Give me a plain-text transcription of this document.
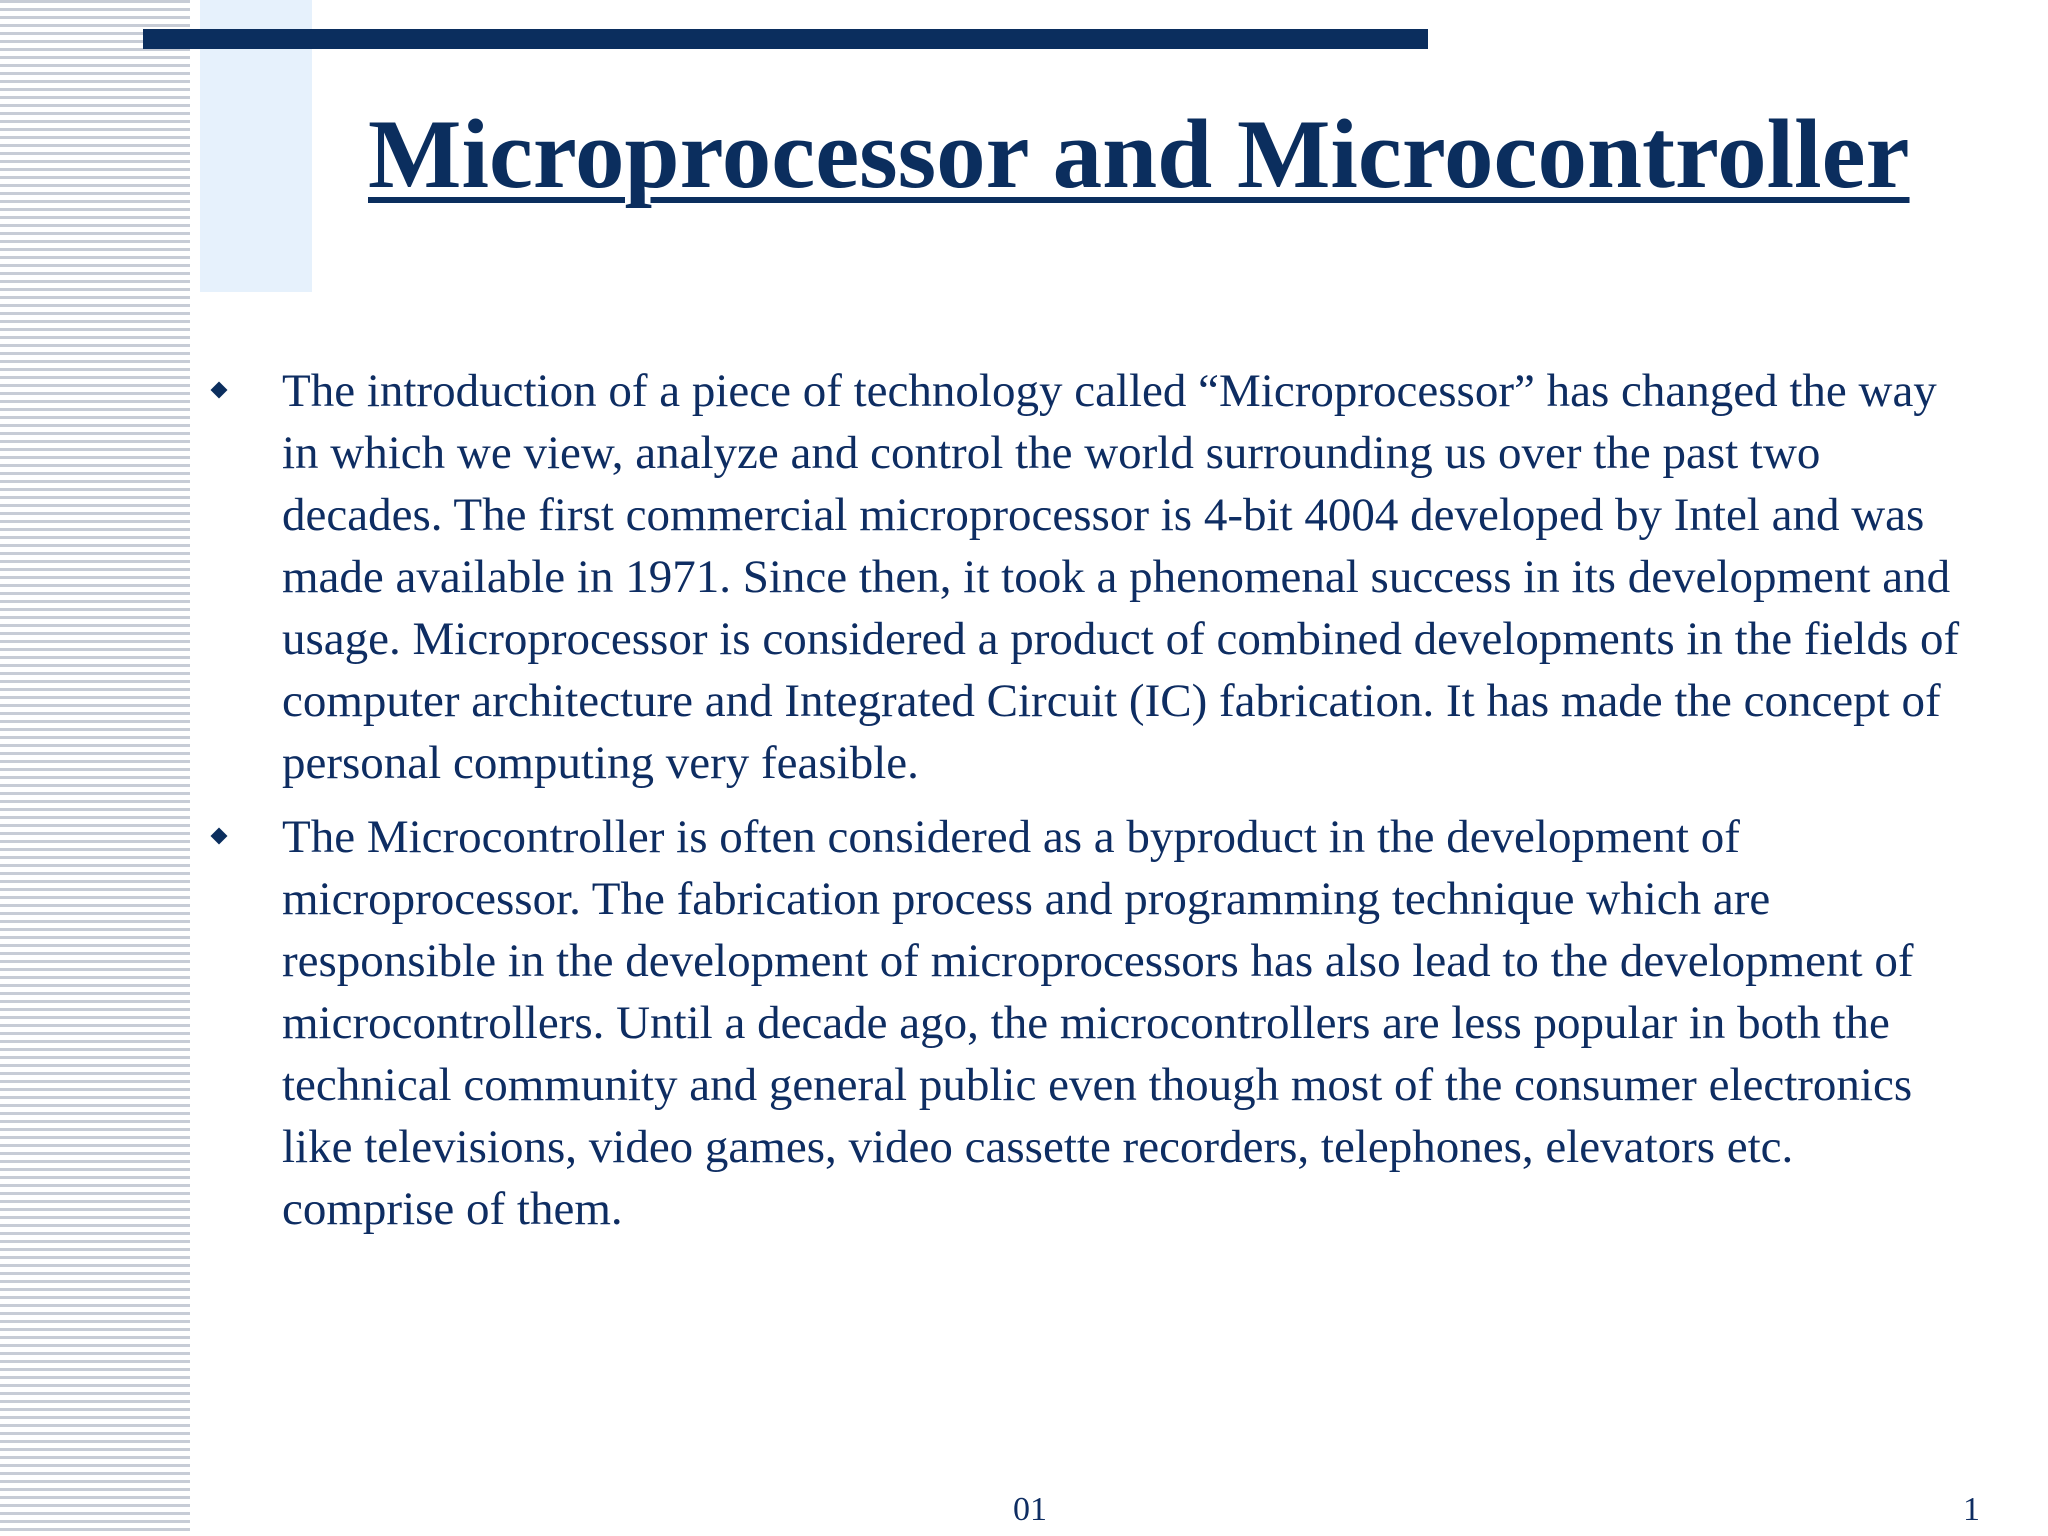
Microprocessor and Microcontroller
The introduction of a piece of technology called “Microprocessor” has changed the way in which we view, analyze and control the world surrounding us over the past two decades. The first commercial microprocessor is 4-bit 4004 developed by Intel and was made available in 1971. Since then, it took a phenomenal success in its development and usage. Microprocessor is considered a product of combined developments in the fields of computer architecture and Integrated Circuit (IC) fabrication. It has made the concept of personal computing very feasible.
The Microcontroller is often considered as a byproduct in the development of microprocessor. The fabrication process and programming technique which are responsible in the development of microprocessors has also lead to the development of microcontrollers. Until a decade ago, the microcontrollers are less popular in both the technical community and general public even though most of the consumer electronics like televisions, video games, video cassette recorders, telephones, elevators etc. comprise of them.
01	1
